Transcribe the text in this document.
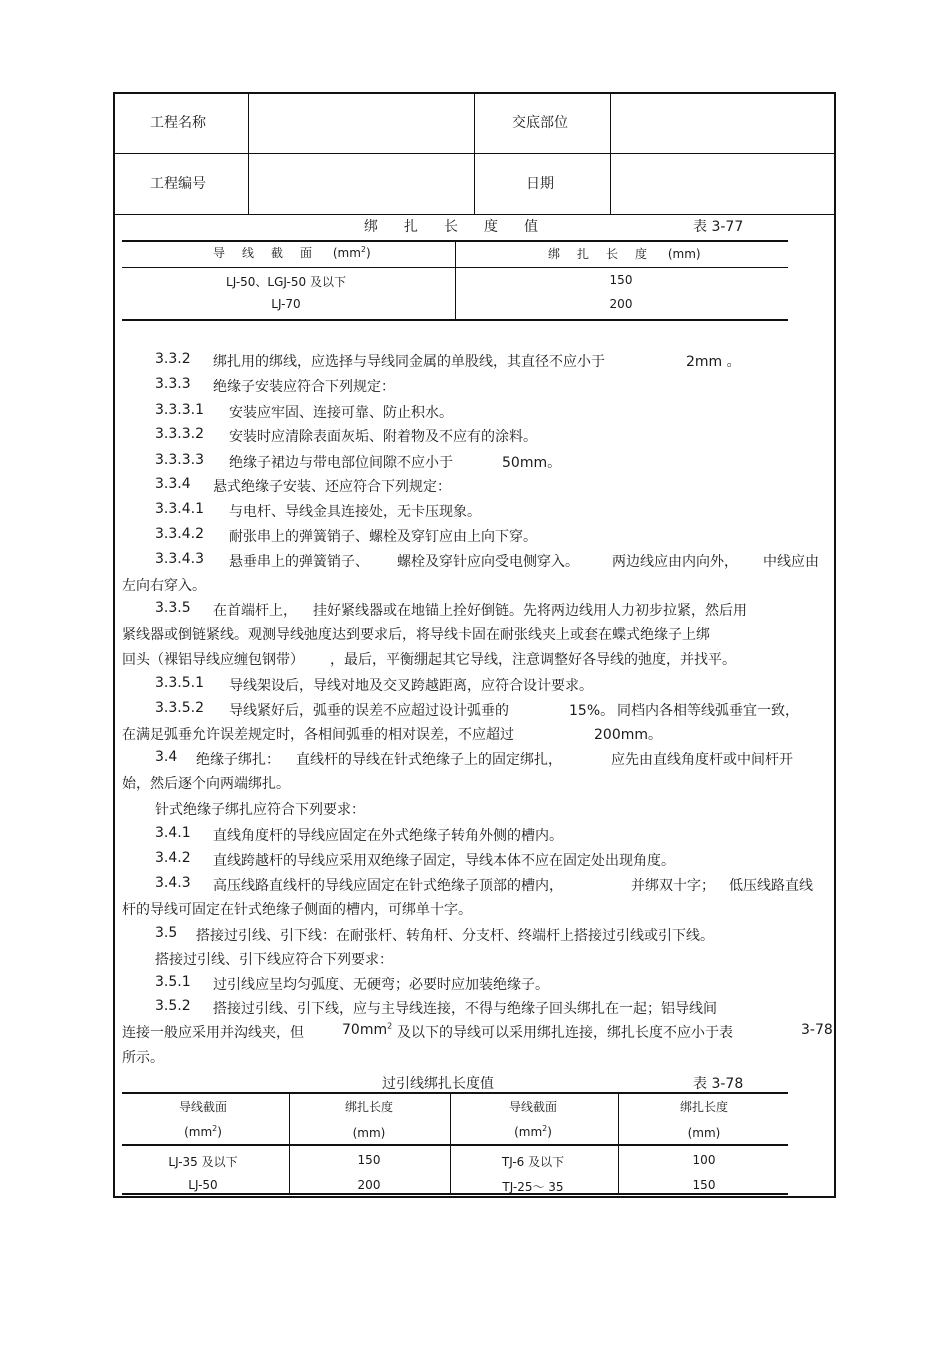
工程名称	交底部位
工程编号	日期
绑扎长度值	表 3-77
导线截面 $(mm^2)$	绑扎长度 (mm)
LJ-50、LGJ-50 及以下	150
LJ-70	200
3.3.2 绑扎用的绑线，应选择与导线同金属的单股线，其直径不应小于	2mm 。
3.3.3 绝缘子安装应符合下列规定：
3.3.3.1 安装应牢固、连接可靠、防止积水。
3.3.3.2 安装时应清除表面灰垢、附着物及不应有的涂料。
3.3.3.3 绝缘子裙边与带电部位间隙不应小于	50mm。
3.3.4 悬式绝缘子安装、还应符合下列规定：
3.3.4.1 与电杆、导线金具连接处，无卡压现象。
3.3.4.2 耐张串上的弹簧销子、螺栓及穿钉应由上向下穿。
3.3.4.3 悬垂串上的弹簧销子、 螺栓及穿针应向受电侧穿入。 两边线应由内向外， 中线应由
左向右穿入。
3.3.5 在首端杆上， 挂好紧线器或在地锚上拴好倒链。先将两边线用人力初步拉紧，然后用
紧线器或倒链紧线。观测导线弛度达到要求后，将导线卡固在耐张线夹上或套在蝶式绝缘子上绑
回头（裸铝导线应缠包钢带） ，最后，平衡绷起其它导线，注意调整好各导线的弛度，并找平。
3.3.5.1 导线架设后，导线对地及交叉跨越距离，应符合设计要求。
3.3.5.2 导线紧好后，弧垂的误差不应超过设计弧垂的	15%。 同档内各相等线弧垂宜一致，
在满足弧垂允许误差规定时，各相间弧垂的相对误差，不应超过	200mm。
3.4 绝缘子绑扎： 直线杆的导线在针式绝缘子上的固定绑扎，	应先由直线角度杆或中间杆开
始，然后逐个向两端绑扎。
针式绝缘子绑扎应符合下列要求：
3.4.1 直线角度杆的导线应固定在外式绝缘子转角外侧的槽内。
3.4.2 直线跨越杆的导线应采用双绝缘子固定，导线本体不应在固定处出现角度。
3.4.3 高压线路直线杆的导线应固定在针式绝缘子顶部的槽内，	并绑双十字； 低压线路直线
杆的导线可固定在针式绝缘子侧面的槽内，可绑单十字。
3.5 搭接过引线、引下线：在耐张杆、转角杆、分支杆、终端杆上搭接过引线或引下线。
搭接过引线、引下线应符合下列要求：
3.5.1 过引线应呈均匀弧度、无硬弯；必要时应加装绝缘子。
3.5.2 搭接过引线、引下线，应与主导线连接，不得与绝缘子回头绑扎在一起；铝导线间
连接一般应采用并沟线夹，但	$70mm^2$ 及以下的导线可以采用绑扎连接，绑扎长度不应小于表	3-78
所示。
过引线绑扎长度值	表 3-78
导线截面	绑扎长度	导线截面	绑扎长度
$(mm^2)$	(mm)	$(mm^2)$	(mm)
LJ-35 及以下	150	TJ-6 及以下	100
LJ-50	200	TJ-25～ 35	150
